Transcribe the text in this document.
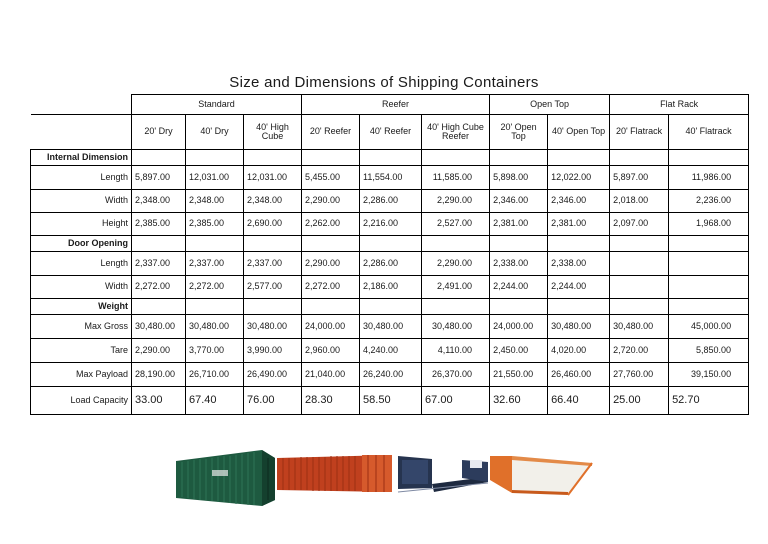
Size and Dimensions of Shipping Containers
	Standard			Reefer			Open Top		Flat Rack	
	20' Dry	40' Dry	40' High Cube	20' Reefer	40' Reefer	40' High Cube Reefer	20' Open Top	40' Open Top	20' Flatrack	40' Flatrack
Internal Dimension										
Length	5,897.00	12,031.00	12,031.00	5,455.00	11,554.00	11,585.00	5,898.00	12,022.00	5,897.00	11,986.00
Width	2,348.00	2,348.00	2,348.00	2,290.00	2,286.00	2,290.00	2,346.00	2,346.00	2,018.00	2,236.00
Height	2,385.00	2,385.00	2,690.00	2,262.00	2,216.00	2,527.00	2,381.00	2,381.00	2,097.00	1,968.00
Door Opening										
Length	2,337.00	2,337.00	2,337.00	2,290.00	2,286.00	2,290.00	2,338.00	2,338.00		
Width	2,272.00	2,272.00	2,577.00	2,272.00	2,186.00	2,491.00	2,244.00	2,244.00		
Weight										
Max Gross	30,480.00	30,480.00	30,480.00	24,000.00	30,480.00	30,480.00	24,000.00	30,480.00	30,480.00	45,000.00
Tare	2,290.00	3,770.00	3,990.00	2,960.00	4,240.00	4,110.00	2,450.00	4,020.00	2,720.00	5,850.00
Max Payload	28,190.00	26,710.00	26,490.00	21,040.00	26,240.00	26,370.00	21,550.00	26,460.00	27,760.00	39,150.00
Load Capacity	33.00	67.40	76.00	28.30	58.50	67.00	32.60	66.40	25.00	52.70
